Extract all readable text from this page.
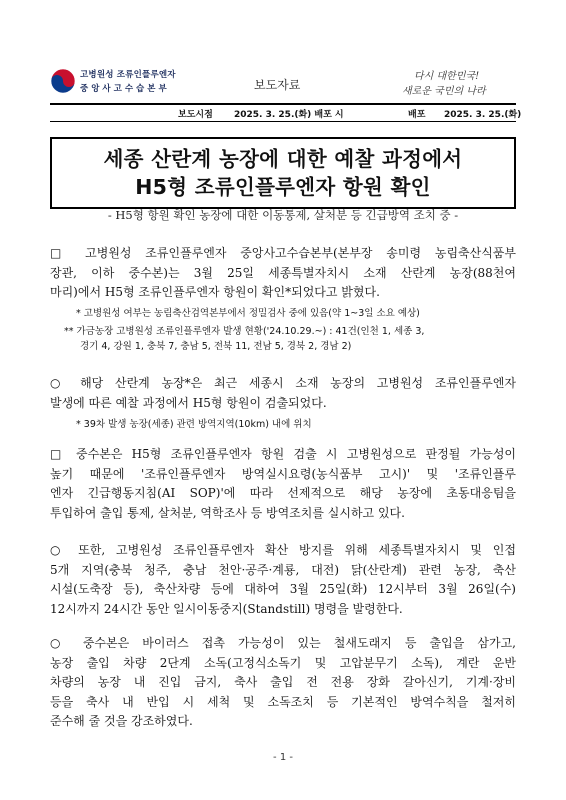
고병원성 조류인플루엔자
중앙사고수습본부	보도자료
다시 대한민국!
새로운 국민의 나라
보도시점 2025. 3. 25.(화) 배포 시	배포 2025. 3. 25.(화)
세종 산란계 농장에 대한 예찰 과정에서
H5형 조류인플루엔자 항원 확인
- H5형 항원 확인 농장에 대한 이동통제, 살처분 등 긴급방역 조치 중 -
□ 고병원성 조류인플루엔자 중앙사고수습본부(본부장 송미령 농림축산식품부
장관, 이하 중수본)는 3월 25일 세종특별자치시 소재 산란계 농장(88천여
마리)에서 H5형 조류인플루엔자 항원이 확인*되었다고 밝혔다.
* 고병원성 여부는 농림축산검역본부에서 정밀검사 중에 있음(약 1~3일 소요 예상)
** 가금농장 고병원성 조류인플루엔자 발생 현황('24.10.29.~) : 41건(인천 1, 세종 3,
경기 4, 강원 1, 충북 7, 충남 5, 전북 11, 전남 5, 경북 2, 경남 2)
○ 해당 산란계 농장*은 최근 세종시 소재 농장의 고병원성 조류인플루엔자
발생에 따른 예찰 과정에서 H5형 항원이 검출되었다.
* 39차 발생 농장(세종) 관련 방역지역(10km) 내에 위치
□ 중수본은 H5형 조류인플루엔자 항원 검출 시 고병원성으로 판정될 가능성이
높기 때문에 '조류인플루엔자 방역실시요령(농식품부 고시)' 및 '조류인플루
엔자 긴급행동지침(AI SOP)'에 따라 선제적으로 해당 농장에 초동대응팀을
투입하여 출입 통제, 살처분, 역학조사 등 방역조치를 실시하고 있다.
○ 또한, 고병원성 조류인플루엔자 확산 방지를 위해 세종특별자치시 및 인접
5개 지역(충북 청주, 충남 천안·공주·계룡, 대전) 닭(산란계) 관련 농장, 축산
시설(도축장 등), 축산차량 등에 대하여 3월 25일(화) 12시부터 3월 26일(수)
12시까지 24시간 동안 일시이동중지(Standstill) 명령을 발령한다.
○ 중수본은 바이러스 접촉 가능성이 있는 철새도래지 등 출입을 삼가고,
농장 출입 차량 2단계 소독(고정식소독기 및 고압분무기 소독), 계란 운반
차량의 농장 내 진입 금지, 축사 출입 전 전용 장화 갈아신기, 기계·장비
등을 축사 내 반입 시 세척 및 소독조치 등 기본적인 방역수칙을 철저히
준수해 줄 것을 강조하였다.
- 1 -
